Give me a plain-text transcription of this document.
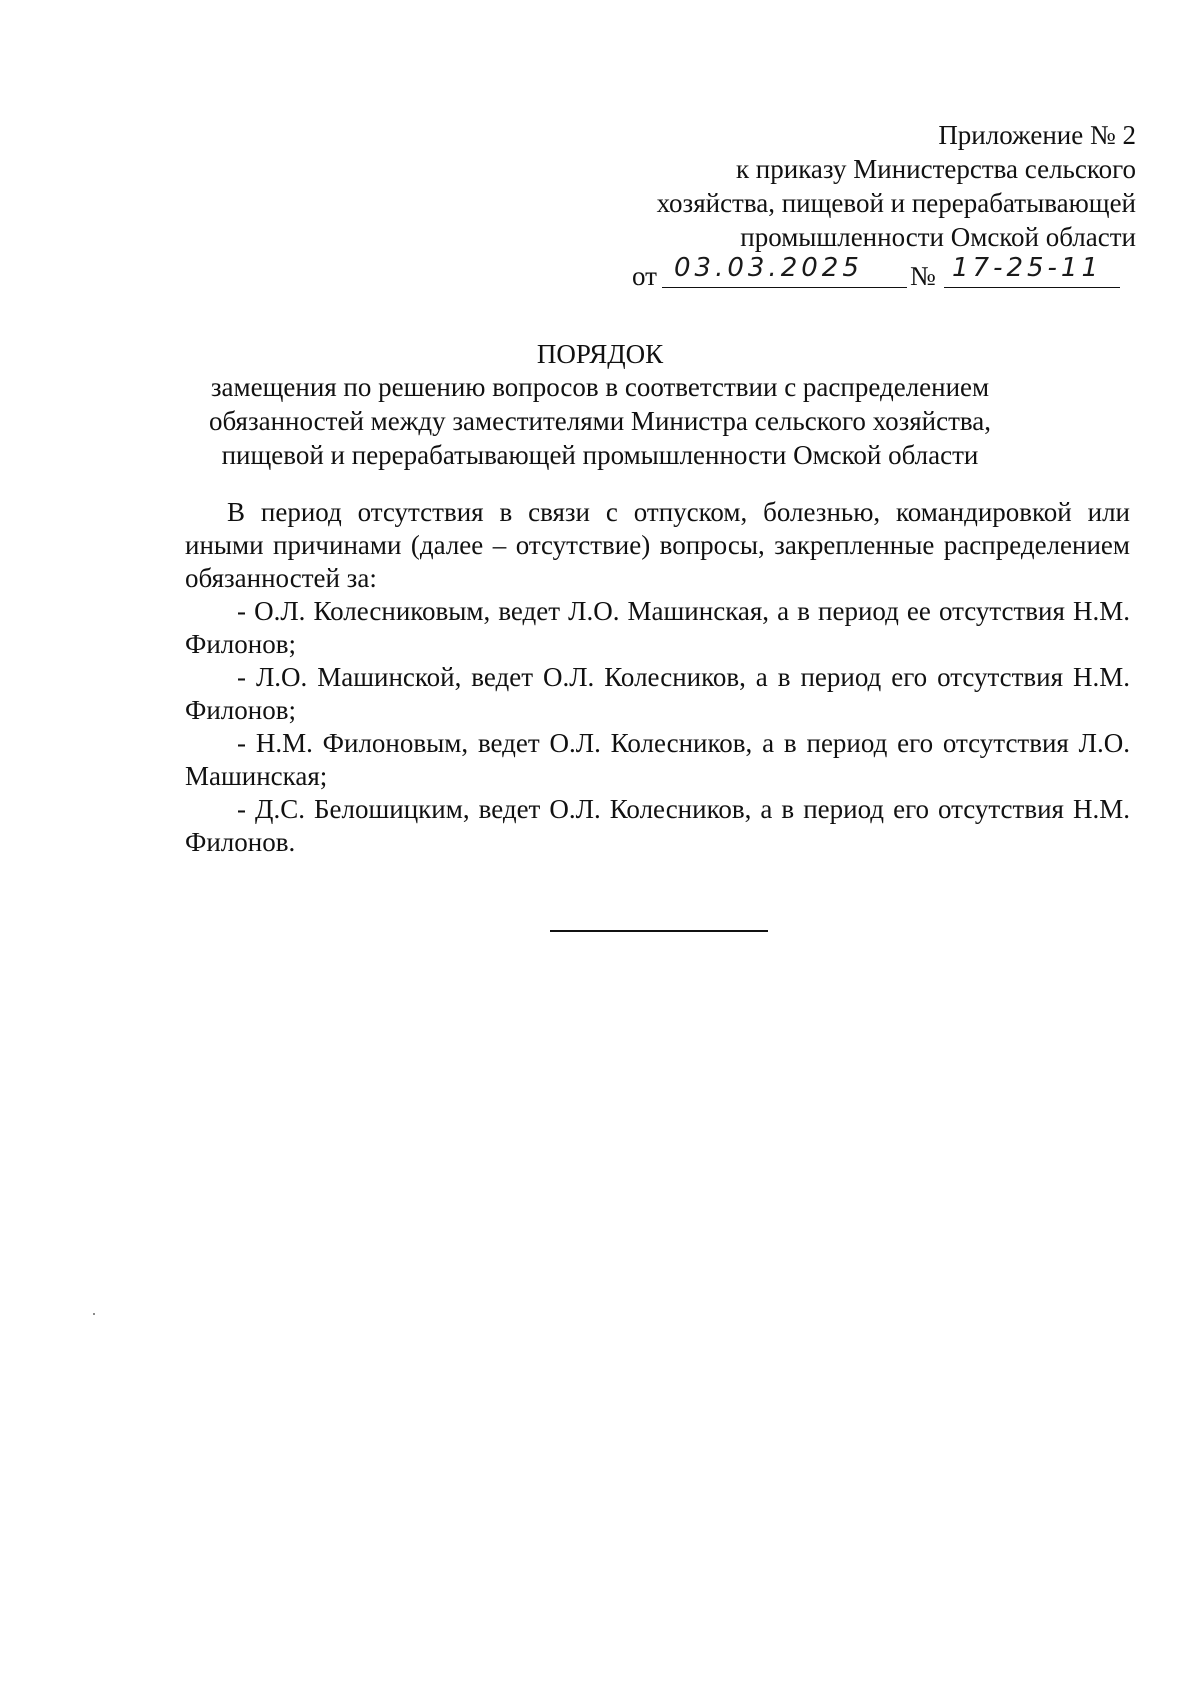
Приложение № 2
к приказу Министерства сельского
хозяйства, пищевой и перерабатывающей
промышленности Омской области
от 03.03.2025 № 17-25-11
ПОРЯДОК
замещения по решению вопросов в соответствии с распределением
обязанностей между заместителями Министра сельского хозяйства,
пищевой и перерабатывающей промышленности Омской области

В период отсутствия в связи с отпуском, болезнью, командировкой или иными причинами (далее – отсутствие) вопросы, закрепленные распределением обязанностей за:

- О.Л. Колесниковым, ведет Л.О. Машинская, а в период ее отсутствия Н.М. Филонов;

- Л.О. Машинской, ведет О.Л. Колесников, а в период его отсутствия Н.М. Филонов;

- Н.М. Филоновым, ведет О.Л. Колесников, а в период его отсутствия Л.О. Машинская;

- Д.С. Белошицким, ведет О.Л. Колесников, а в период его отсутствия Н.М. Филонов.
